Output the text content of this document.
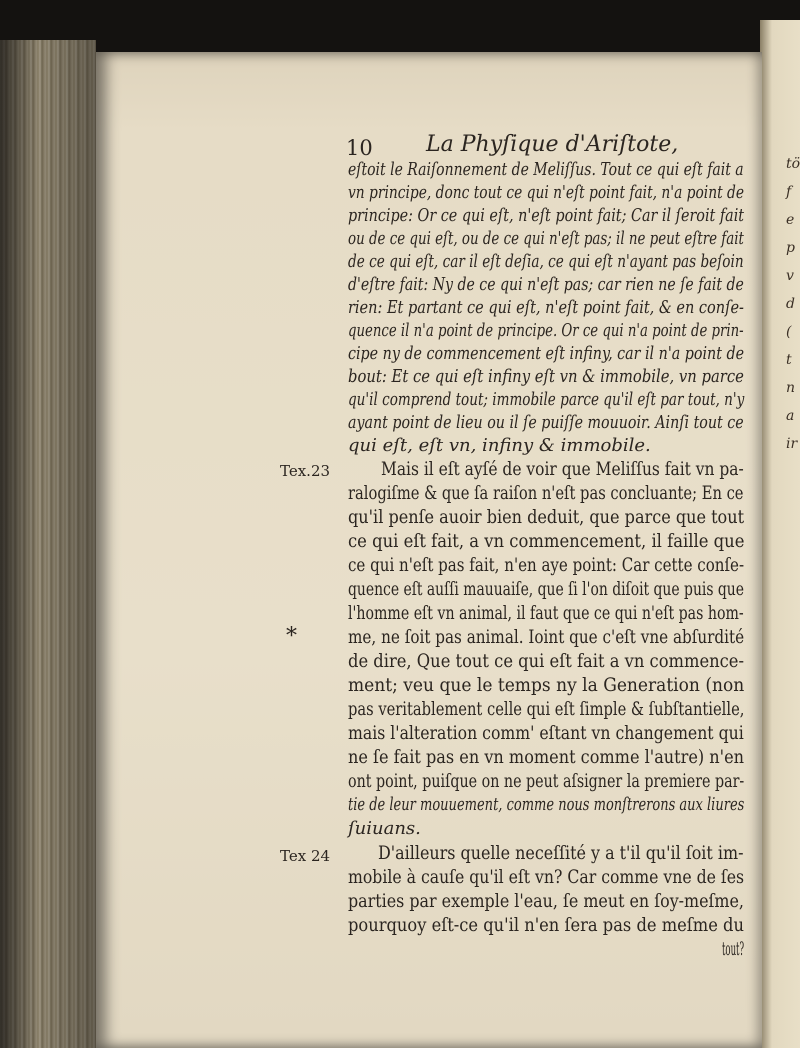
tö
f
e
p
v
d
(
t
n
a
ir
10 La Phyſique d'Ariſtote,
eſtoit le Raiſonnement de Meliſſus. Tout ce qui eſt fait a
vn principe, donc tout ce qui n'eſt point fait, n'a point de
principe: Or ce qui eſt, n'eſt point fait; Car il ſeroit fait
ou de ce qui eſt, ou de ce qui n'eſt pas; il ne peut eſtre fait
de ce qui eſt, car il eſt deſia, ce qui eſt n'ayant pas beſoin
d'eſtre fait: Ny de ce qui n'eſt pas; car rien ne ſe fait de
rien: Et partant ce qui eſt, n'eſt point fait, & en conſe-
quence il n'a point de principe. Or ce qui n'a point de prin-
cipe ny de commencement eſt infiny, car il n'a point de
bout: Et ce qui eſt infiny eſt vn & immobile, vn parce
qu'il comprend tout; immobile parce qu'il eſt par tout, n'y
ayant point de lieu ou il ſe puiſſe mouuoir. Ainſi tout ce
qui eſt, eſt vn, infiny & immobile.
Tex.23	Mais il eſt ayſé de voir que Meliſſus fait vn pa-
ralogiſme & que ſa raiſon n'eſt pas concluante; En ce
qu'il penſe auoir bien deduit, que parce que tout
ce qui eſt fait, a vn commencement, il faille que
ce qui n'eſt pas fait, n'en aye point: Car cette conſe-
quence eſt auſſi mauuaiſe, que ſi l'on diſoit que puis que
l'homme eſt vn animal, il faut que ce qui n'eſt pas hom-
*	me, ne ſoit pas animal. Ioint que c'eſt vne abſurdité
de dire, Que tout ce qui eſt fait a vn commence-
ment; veu que le temps ny la Generation (non
pas veritablement celle qui eſt ſimple & ſubſtantielle,
mais l'alteration comm' eſtant vn changement qui
ne ſe fait pas en vn moment comme l'autre) n'en
ont point, puiſque on ne peut aſsigner la premiere par-
tie de leur mouuement, comme nous monſtrerons aux liures
ſuiuans.
Tex 24	D'ailleurs quelle neceſſité y a t'il qu'il ſoit im-
mobile à cauſe qu'il eſt vn? Car comme vne de ſes
parties par exemple l'eau, ſe meut en ſoy-meſme,
pourquoy eſt-ce qu'il n'en ſera pas de meſme du
tout?
